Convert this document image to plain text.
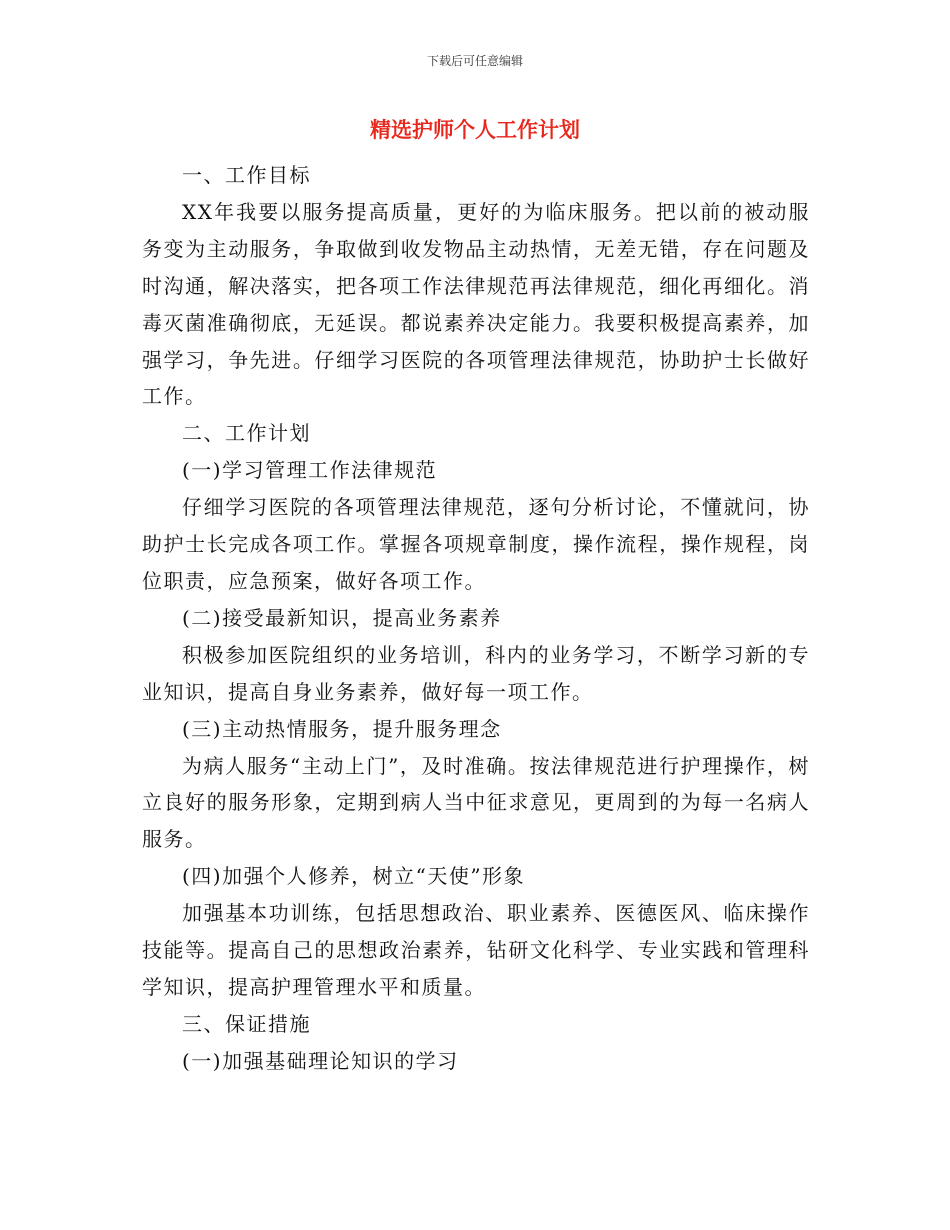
下载后可任意编辑
精选护师个人工作计划

一、工作目标

XX年我要以服务提高质量，更好的为临床服务。把以前的被动服务变为主动服务，争取做到收发物品主动热情，无差无错，存在问题及时沟通，解决落实，把各项工作法律规范再法律规范，细化再细化。消毒灭菌准确彻底，无延误。都说素养决定能力。我要积极提高素养，加强学习，争先进。仔细学习医院的各项管理法律规范，协助护士长做好工作。

二、工作计划

(一)学习管理工作法律规范

仔细学习医院的各项管理法律规范，逐句分析讨论，不懂就问，协助护士长完成各项工作。掌握各项规章制度，操作流程，操作规程，岗位职责，应急预案，做好各项工作。

(二)接受最新知识，提高业务素养

积极参加医院组织的业务培训，科内的业务学习，不断学习新的专业知识，提高自身业务素养，做好每一项工作。

(三)主动热情服务，提升服务理念

为病人服务“主动上门”，及时准确。按法律规范进行护理操作，树立良好的服务形象，定期到病人当中征求意见，更周到的为每一名病人服务。

(四)加强个人修养，树立“天使”形象

加强基本功训练，包括思想政治、职业素养、医德医风、临床操作技能等。提高自己的思想政治素养，钻研文化科学、专业实践和管理科学知识，提高护理管理水平和质量。

三、保证措施

(一)加强基础理论知识的学习
